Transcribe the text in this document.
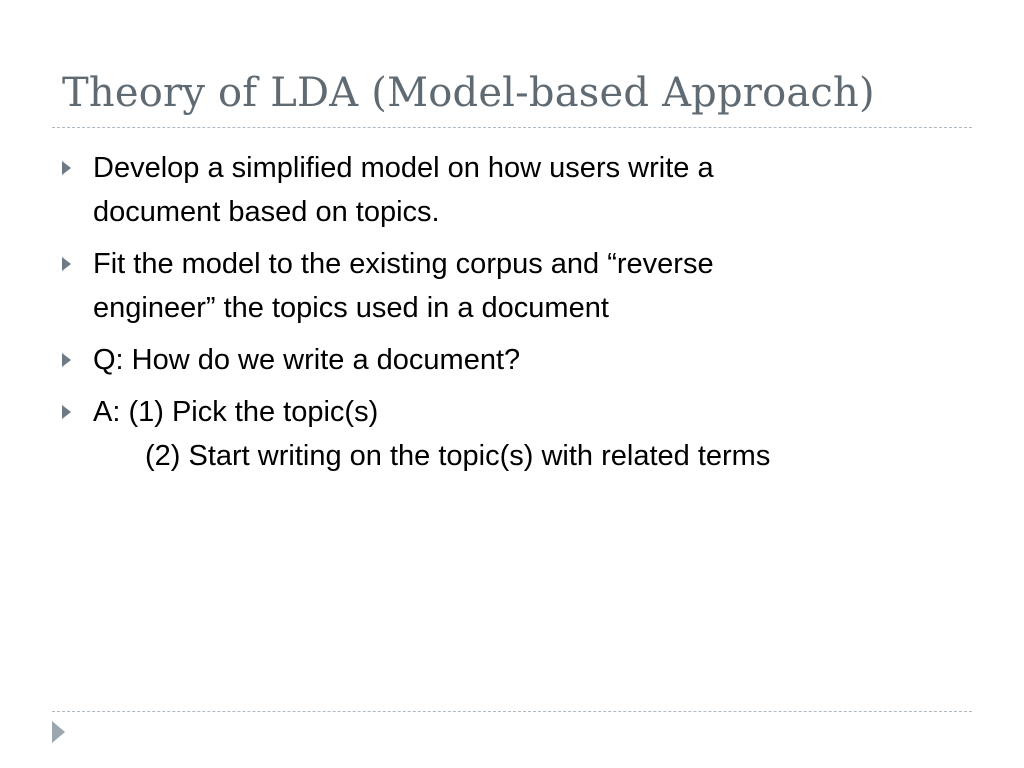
Theory of LDA (Model-based Approach)
Develop a simplified model on how users write a
document based on topics.
Fit the model to the existing corpus and “reverse
engineer” the topics used in a document
Q: How do we write a document?
A: (1) Pick the topic(s)
(2) Start writing on the topic(s) with related terms
